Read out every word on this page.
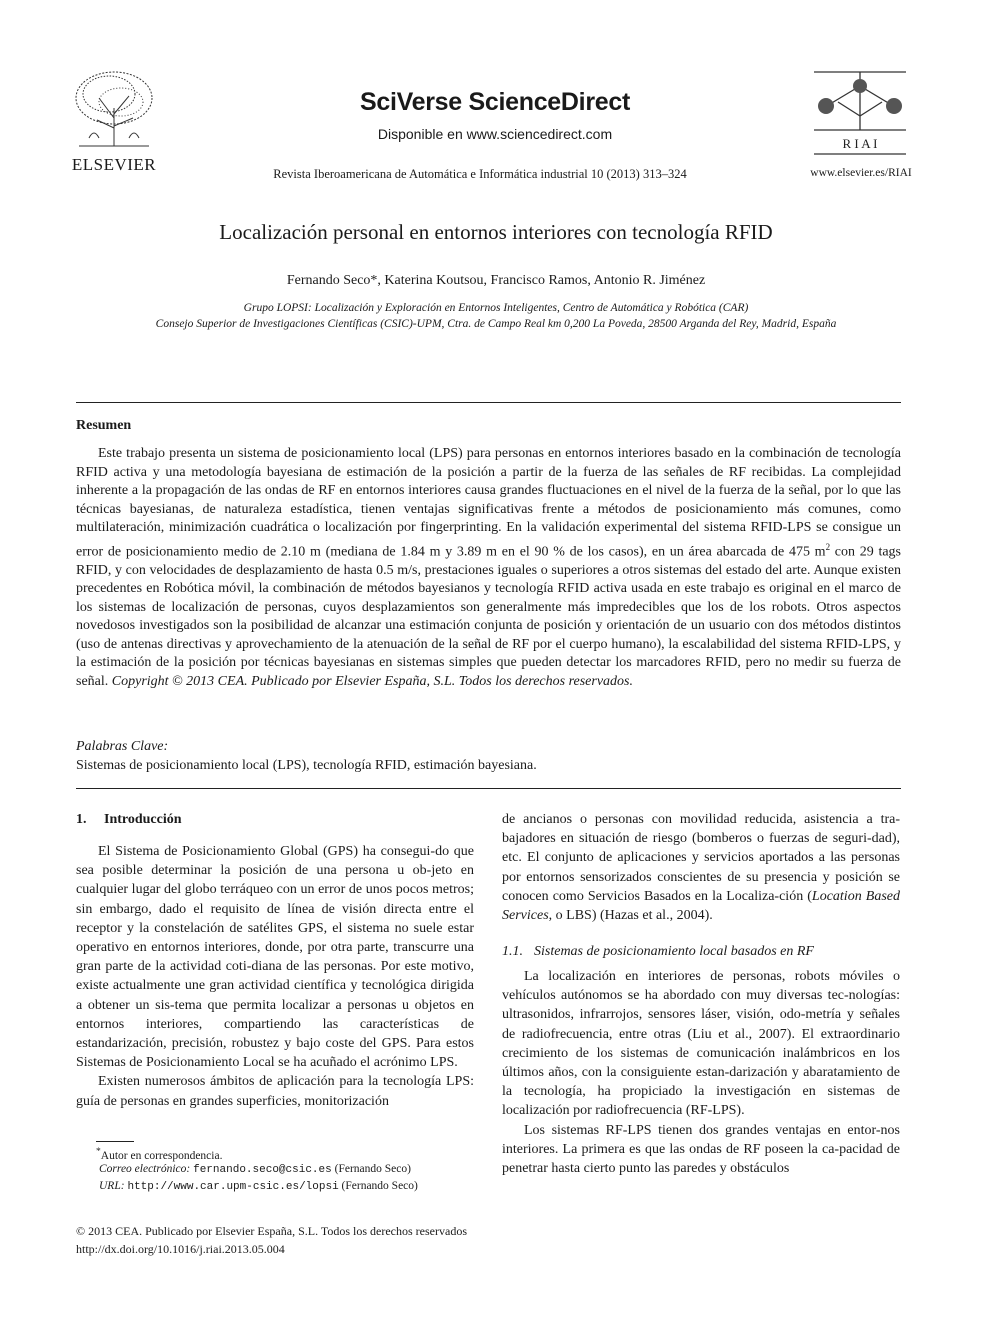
ELSEVIER
SciVerse ScienceDirect
Disponible en www.sciencedirect.com
Revista Iberoamericana de Automática e Informática industrial 10 (2013) 313–324
R I A I
www.elsevier.es/RIAI
Localización personal en entornos interiores con tecnología RFID
Fernando Seco*, Katerina Koutsou, Francisco Ramos, Antonio R. Jiménez
Grupo LOPSI: Localización y Exploración en Entornos Inteligentes, Centro de Automática y Robótica (CAR)
Consejo Superior de Investigaciones Científicas (CSIC)-UPM, Ctra. de Campo Real km 0,200 La Poveda, 28500 Arganda del Rey, Madrid, España
Resumen

Este trabajo presenta un sistema de posicionamiento local (LPS) para personas en entornos interiores basado en la combinación de tecnología RFID activa y una metodología bayesiana de estimación de la posición a partir de la fuerza de las señales de RF recibidas. La complejidad inherente a la propagación de las ondas de RF en entornos interiores causa grandes fluctuaciones en el nivel de la fuerza de la señal, por lo que las técnicas bayesianas, de naturaleza estadística, tienen ventajas significativas frente a métodos de posicionamiento más comunes, como multilateración, minimización cuadrática o localización por fingerprinting. En la validación experimental del sistema RFID-LPS se consigue un error de posicionamiento medio de 2.10 m (mediana de 1.84 m y 3.89 m en el 90 % de los casos), en un área abarcada de 475 $m^2$ con 29 tags RFID, y con velocidades de desplazamiento de hasta 0.5 m/s, prestaciones iguales o superiores a otros sistemas del estado del arte. Aunque existen precedentes en Robótica móvil, la combinación de métodos bayesianos y tecnología RFID activa usada en este trabajo es original en el marco de los sistemas de localización de personas, cuyos desplazamientos son generalmente más impredecibles que los de los robots. Otros aspectos novedosos investigados son la posibilidad de alcanzar una estimación conjunta de posición y orientación de un usuario con dos métodos distintos (uso de antenas directivas y aprovechamiento de la atenuación de la señal de RF por el cuerpo humano), la escalabilidad del sistema RFID-LPS, y la estimación de la posición por técnicas bayesianas en sistemas simples que pueden detectar los marcadores RFID, pero no medir su fuerza de señal. Copyright © 2013 CEA. Publicado por Elsevier España, S.L. Todos los derechos reservados.

Palabras Clave:
Sistemas de posicionamiento local (LPS), tecnología RFID, estimación bayesiana.
1. Introducción

El Sistema de Posicionamiento Global (GPS) ha consegui-do que sea posible determinar la posición de una persona u ob-jeto en cualquier lugar del globo terráqueo con un error de unos pocos metros; sin embargo, dado el requisito de línea de visión directa entre el receptor y la constelación de satélites GPS, el sistema no suele estar operativo en entornos interiores, donde, por otra parte, transcurre una gran parte de la actividad coti-diana de las personas. Por este motivo, existe actualmente une gran actividad científica y tecnológica dirigida a obtener un sis-tema que permita localizar a personas u objetos en entornos interiores, compartiendo las características de estandarización, precisión, robustez y bajo coste del GPS. Para estos Sistemas de Posicionamiento Local se ha acuñado el acrónimo LPS.

Existen numerosos ámbitos de aplicación para la tecnología LPS: guía de personas en grandes superficies, monitorización

de ancianos o personas con movilidad reducida, asistencia a tra-bajadores en situación de riesgo (bomberos o fuerzas de seguri-dad), etc. El conjunto de aplicaciones y servicios aportados a las personas por entornos sensorizados conscientes de su presencia y posición se conocen como Servicios Basados en la Localiza-ción (Location Based Services, o LBS) (Hazas et al., 2004).

1.1. Sistemas de posicionamiento local basados en RF

La localización en interiores de personas, robots móviles o vehículos autónomos se ha abordado con muy diversas tec-nologías: ultrasonidos, infrarrojos, sensores láser, visión, odo-metría y señales de radiofrecuencia, entre otras (Liu et al., 2007). El extraordinario crecimiento de los sistemas de comunicación inalámbricos en los últimos años, con la consiguiente estan-darización y abaratamiento de la tecnología, ha propiciado la investigación en sistemas de localización por radiofrecuencia (RF-LPS).

Los sistemas RF-LPS tienen dos grandes ventajas en entor-nos interiores. La primera es que las ondas de RF poseen la ca-pacidad de penetrar hasta cierto punto las paredes y obstáculos

*Autor en correspondencia.
Correo electrónico: fernando.seco@csic.es (Fernando Seco)
URL: http://www.car.upm-csic.es/lopsi (Fernando Seco)
© 2013 CEA. Publicado por Elsevier España, S.L. Todos los derechos reservados
http://dx.doi.org/10.1016/j.riai.2013.05.004
